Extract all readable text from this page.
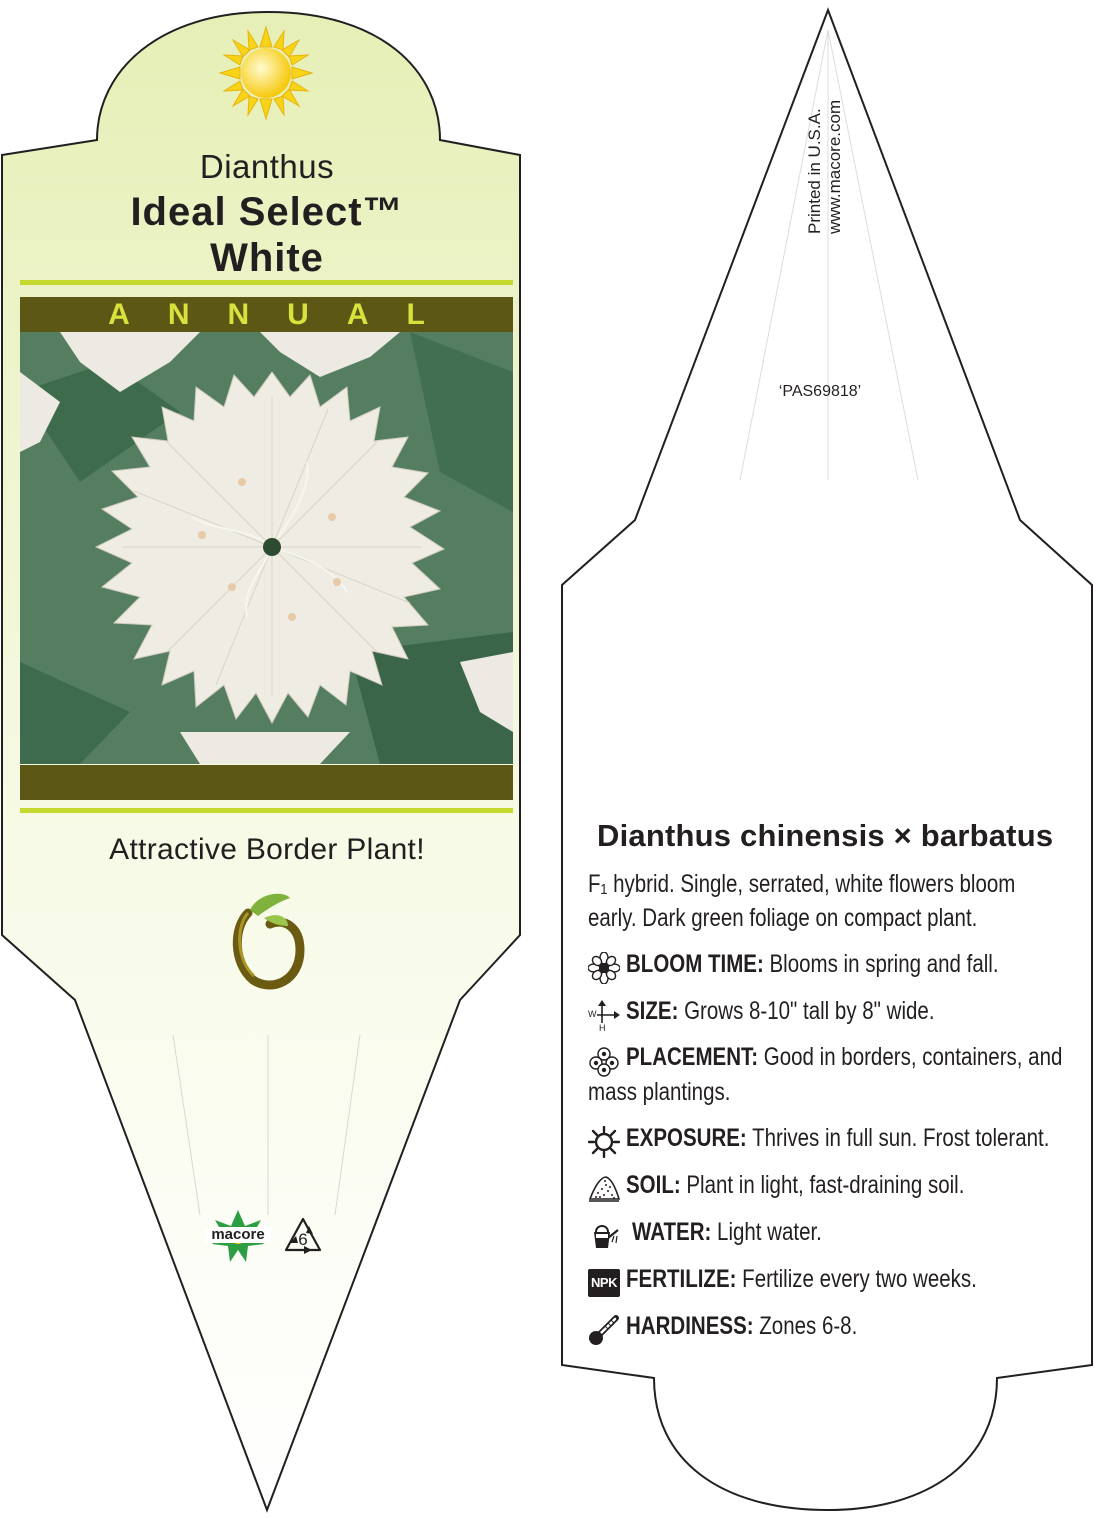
Dianthus
Ideal Select™
White
ANNUAL
Attractive Border Plant!
macore	6
Printed in U.S.A. www.macore.com
‘PAS69818’
Dianthus chinensis × barbatus
F₁ hybrid. Single, serrated, white flowers bloom
early. Dark green foliage on compact plant.
BLOOM TIME: Blooms in spring and fall.
W
H
SIZE: Grows 8-10" tall by 8" wide.
PLACEMENT: Good in borders, containers, and
mass plantings.
EXPOSURE: Thrives in full sun. Frost tolerant.
SOIL: Plant in light, fast-draining soil.
WATER: Light water.
NPK FERTILIZE: Fertilize every two weeks.
HARDINESS: Zones 6-8.
